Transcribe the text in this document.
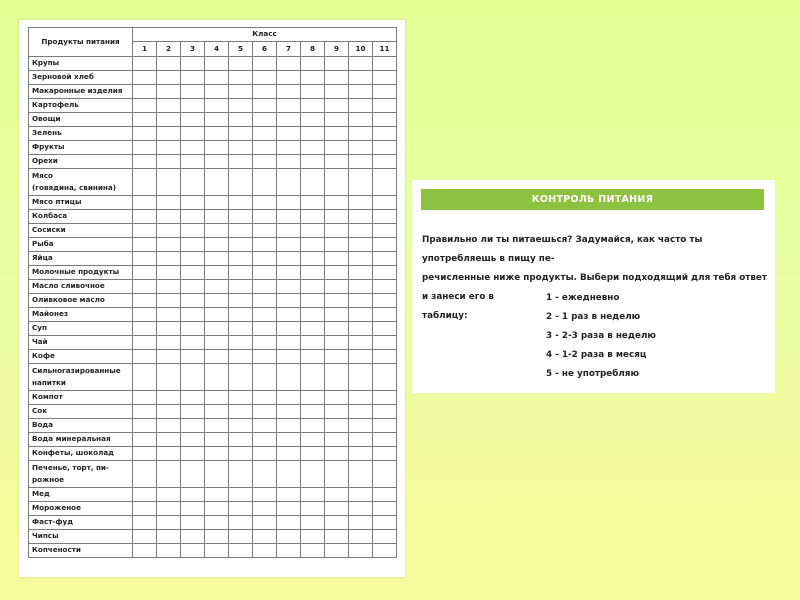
Продукты питания	Класс										
	1	2	3	4	5	6	7	8	9	10	11

Крупы											

Зерновой хлеб											

Макаронные изделия											

Картофель											

Овощи											

Зелень											

Фрукты											

Орехи											

Мясо
(говядина, свинина)											

Мясо птицы											

Колбаса											

Сосиски											

Рыба											

Яйца											

Молочные продукты											

Масло сливочное											

Оливковое масло											

Майонез											

Суп											

Чай											

Кофе											

Сильногазированные
напитки											

Компот											

Сок											

Вода											

Вода минеральная											

Конфеты, шоколад											

Печенье, торт, пи-
рожное											

Мед											

Мороженое											

Фаст-фуд											

Чипсы											

Копчености											

КОНТРОЛЬ ПИТАНИЯ
Правильно ли ты питаешься? Задумайся, как часто ты употребляешь в пищу пе-
речисленные ниже продукты. Выбери подходящий для тебя ответ и занеси его в
таблицу:
1 - ежедневно
2 - 1 раз в неделю
3 - 2-3 раза в неделю
4 - 1-2 раза в месяц
5 - не употребляю
